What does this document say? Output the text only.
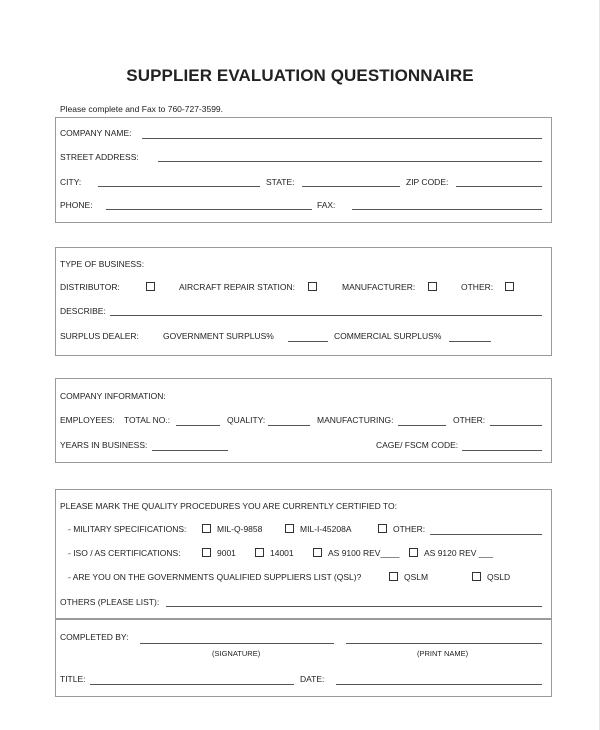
SUPPLIER EVALUATION QUESTIONNAIRE
Please complete and Fax to 760-727-3599.
COMPANY NAME:
STREET ADDRESS:
CITY:	STATE:	ZIP CODE:
PHONE:	FAX:
TYPE OF BUSINESS:
DISTRIBUTOR:	AIRCRAFT REPAIR STATION:	MANUFACTURER:	OTHER:
DESCRIBE:
SURPLUS DEALER:	GOVERNMENT SURPLUS%	COMMERCIAL SURPLUS%
COMPANY INFORMATION:
EMPLOYEES: TOTAL NO.:	QUALITY:	MANUFACTURING:	OTHER:
YEARS IN BUSINESS:	CAGE/ FSCM CODE:
PLEASE MARK THE QUALITY PROCEDURES YOU ARE CURRENTLY CERTIFIED TO:
- MILITARY SPECIFICATIONS:	MIL-Q-9858	MIL-I-45208A	OTHER:
- ISO / AS CERTIFICATIONS:	9001	14001	AS 9100 REV____	AS 9120 REV ___
- ARE YOU ON THE GOVERNMENTS QUALIFIED SUPPLIERS LIST (QSL)?	QSLM	QSLD
OTHERS (PLEASE LIST):
COMPLETED BY:
(SIGNATURE)	(PRINT NAME)
TITLE:	DATE:
